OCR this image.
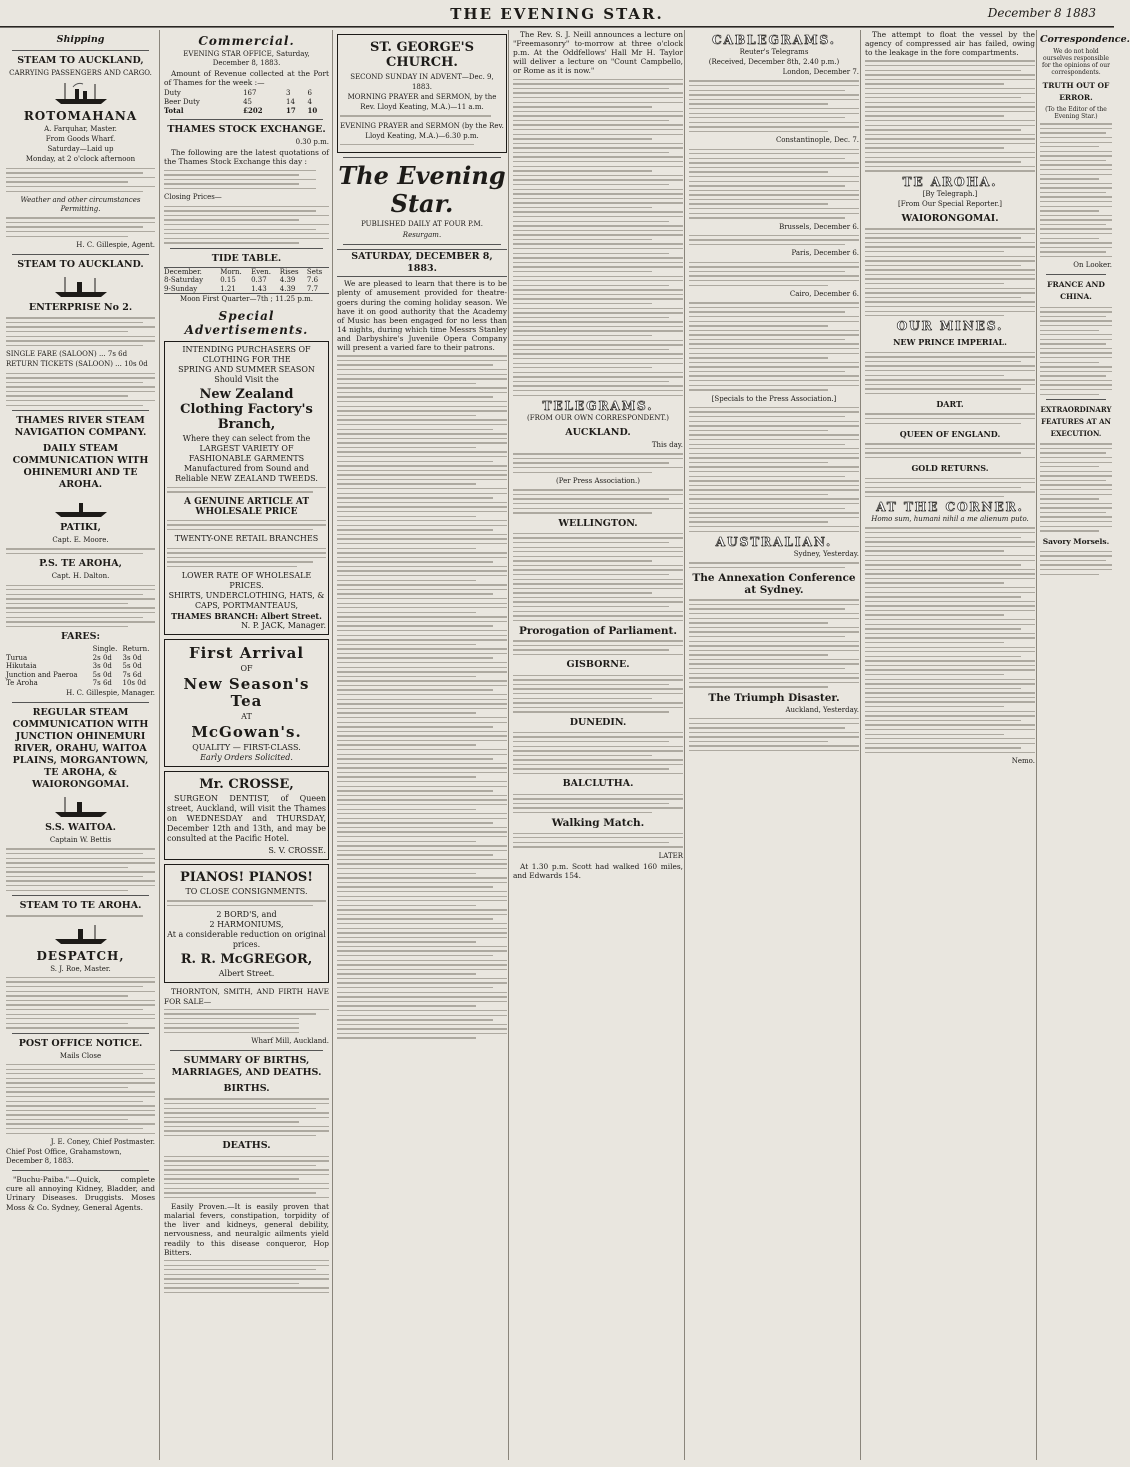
THE EVENING STAR.	December 8 1883
Shipping
STEAM TO AUCKLAND,
CARRYING PASSENGERS AND CARGO.
ROTOMAHANA
A. Farquhar, Master.
From Goods Wharf.
Saturday—Laid up
Monday, at 2 o'clock afternoon
Weather and other circumstances Permitting.
H. C. Gillespie, Agent.
STEAM TO AUCKLAND.
ENTERPRISE No 2.
SINGLE FARE (SALOON) ... 7s 6d
RETURN TICKETS (SALOON) ... 10s 0d
THAMES RIVER STEAM NAVIGATION COMPANY.
DAILY STEAM COMMUNICATION WITH OHINEMURI AND TE AROHA.
PATIKI,
Capt. E. Moore.
P.S. TE AROHA,
Capt. H. Dalton.
FARES:
	Single.	Return.
Turua	2s 0d	3s 0d
Hikutaia	3s 0d	5s 0d
Junction and Paeroa	5s 0d	7s 6d
Te Aroha	7s 6d	10s 0d
H. C. Gillespie, Manager.
REGULAR STEAM COMMUNICATION WITH JUNCTION OHINEMURI RIVER, ORAHU, WAITOA PLAINS, MORGANTOWN, TE AROHA, & WAIORONGOMAI.
S.S. WAITOA.
Captain W. Bettis
STEAM TO TE AROHA.
DESPATCH,
S. J. Roe, Master.
POST OFFICE NOTICE.
Mails Close
J. E. Coney, Chief Postmaster.
Chief Post Office, Grahamstown, December 8, 1883.

"Buchu-Paiba."—Quick, complete cure all annoying Kidney, Bladder, and Urinary Diseases. Druggists. Moses Moss & Co. Sydney, General Agents.

Commercial.
EVENING STAR OFFICE, Saturday, December 8, 1883.

Amount of Revenue collected at the Port of Thames for the week :—

Duty	167	3	6
Beer Duty	45	14	4
Total	£202	17	10
THAMES STOCK EXCHANGE.
0.30 p.m.

The following are the latest quotations of the Thames Stock Exchange this day :

Closing Prices—
TIDE TABLE.
December.	Morn.	Even.	Rises	Sets
8-Saturday	0.15	0.37	4.39	7.6
9-Sunday	1.21	1.43	4.39	7.7
Moon First Quarter—7th ; 11.25 p.m.
Special Advertisements.
INTENDING PURCHASERS OF CLOTHING FOR THE
SPRING AND SUMMER SEASON Should Visit the
New Zealand Clothing Factory's Branch,
Where they can select from the LARGEST VARIETY OF FASHIONABLE GARMENTS
Manufactured from Sound and Reliable NEW ZEALAND TWEEDS.
A GENUINE ARTICLE AT WHOLESALE PRICE
TWENTY-ONE RETAIL BRANCHES
LOWER RATE OF WHOLESALE PRICES.
SHIRTS, UNDERCLOTHING, HATS, & CAPS, PORTMANTEAUS,
THAMES BRANCH: Albert Street.
N. P. JACK, Manager.
First Arrival
OF
New Season's Tea
AT
McGowan's.
QUALITY — FIRST-CLASS.
Early Orders Solicited.
Mr. CROSSE,

SURGEON DENTIST, of Queen street, Auckland, will visit the Thames on WEDNESDAY and THURSDAY, December 12th and 13th, and may be consulted at the Pacific Hotel.

S. V. CROSSE.
PIANOS! PIANOS!
TO CLOSE CONSIGNMENTS.
2 BORD'S, and
2 HARMONIUMS,
At a considerable reduction on original prices.
R. R. McGREGOR,
Albert Street.

THORNTON, SMITH, AND FIRTH HAVE FOR SALE—

Wharf Mill, Auckland.
SUMMARY OF BIRTHS, MARRIAGES, AND DEATHS.
BIRTHS.
DEATHS.

Easily Proven.—It is easily proven that malarial fevers, constipation, torpidity of the liver and kidneys, general debility, nervousness, and neuralgic ailments yield readily to this disease conqueror, Hop Bitters.

ST. GEORGE'S CHURCH.
SECOND SUNDAY IN ADVENT—Dec. 9, 1883.
MORNING PRAYER and SERMON, by the Rev. Lloyd Keating, M.A.)—11 a.m.
EVENING PRAYER and SERMON (by the Rev. Lloyd Keating, M.A.)—6.30 p.m.
The Evening Star.
PUBLISHED DAILY AT FOUR P.M.
Resurgam.
SATURDAY, DECEMBER 8, 1883.

We are pleased to learn that there is to be plenty of amusement provided for theatre-goers during the coming holiday season. We have it on good authority that the Academy of Music has been engaged for no less than 14 nights, during which time Messrs Stanley and Darbyshire's Juvenile Opera Company will present a varied fare to their patrons.

The Rev. S. J. Neill announces a lecture on "Freemasonry" to-morrow at three o'clock p.m. At the Oddfellows' Hall Mr H. Taylor will deliver a lecture on "Count Campbello, or Rome as it is now."

TELEGRAMS.
(FROM OUR OWN CORRESPONDENT.)
AUCKLAND.
This day.
(Per Press Association.)
WELLINGTON.
Prorogation of Parliament.
GISBORNE.
DUNEDIN.
BALCLUTHA.
Walking Match.
LATER

At 1.30 p.m. Scott had walked 160 miles, and Edwards 154.

CABLEGRAMS.
Reuter's Telegrams
(Received, December 8th, 2.40 p.m.)
London, December 7.
Constantinople, Dec. 7.
Brussels, December 6.
Paris, December 6.
Cairo, December 6.
[Specials to the Press Association.]
AUSTRALIAN.
Sydney, Yesterday.
The Annexation Conference at Sydney.
The Triumph Disaster.
Auckland, Yesterday.

The attempt to float the vessel by the agency of compressed air has failed, owing to the leakage in the fore compartments.

TE AROHA.
[By Telegraph.]
[From Our Special Reporter.]
WAIORONGOMAI.
OUR MINES.
NEW PRINCE IMPERIAL.
DART.
QUEEN OF ENGLAND.
GOLD RETURNS.
AT THE CORNER.
Homo sum, humani nihil a me alienum puto.
Nemo.
Correspondence.
We do not hold ourselves responsible for the opinions of our correspondents.
TRUTH OUT OF ERROR.
(To the Editor of the Evening Star.)
On Looker.
FRANCE AND CHINA.
EXTRAORDINARY FEATURES AT AN EXECUTION.
Savory Morsels.
